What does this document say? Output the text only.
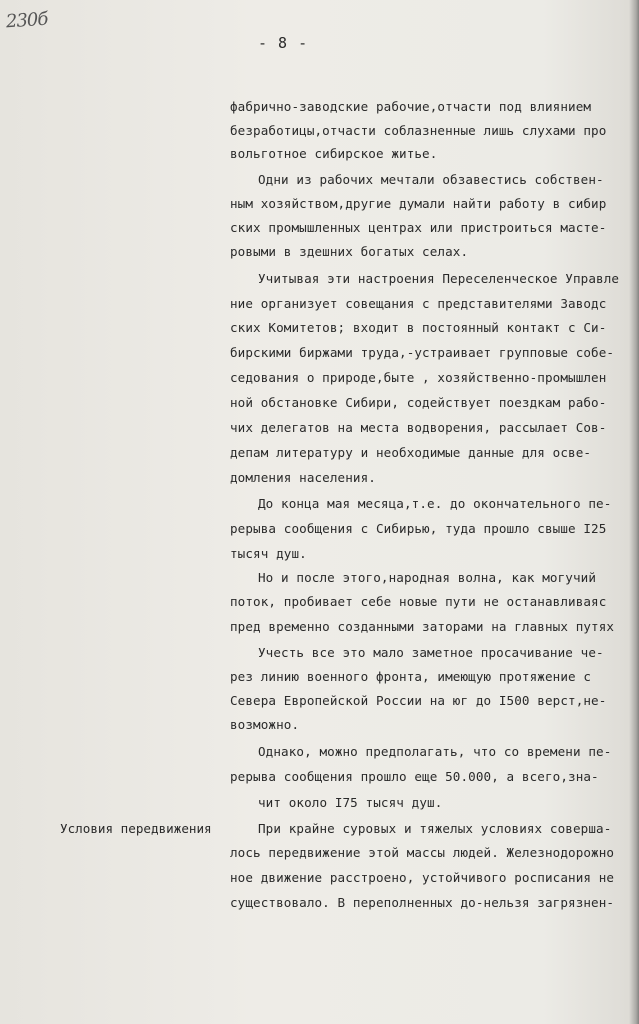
230б
- 8 -
Условия передвижения
фабрично-заводские рабочие,отчасти под влиянием
безработицы,отчасти соблазненные лишь слухами про
вольготное сибирское житье.
Одни из рабочих мечтали обзавестись собствен-
ным хозяйством,другие думали найти работу в сибир
ских промышленных центрах или пристроиться масте-
ровыми в здешних богатых селах.
Учитывая эти настроения Переселенческое Управле
ние организует совещания с представителями Заводс
ских Комитетов; входит в постоянный контакт с Си-
бирскими биржами труда,-устраивает групповые собе-
седования о природе,быте , хозяйственно-промышлен
ной обстановке Сибири, содействует поездкам рабо-
чих делегатов на места водворения, рассылает Сов-
депам литературу и необходимые данные для осве-
домления населения.
До конца мая месяца,т.е. до окончательного пе-
рерыва сообщения с Сибирью, туда прошло свыше I25
тысяч душ.
Но и после этого,народная волна, как могучий
поток, пробивает себе новые пути не останавливаяс
пред временно созданными заторами на главных путях
Учесть все это мало заметное просачивание че-
рез линию военного фронта, имеющую протяжение с
Севера Европейской России на юг до I500 верст,не-
возможно.
Однако, можно предполагать, что со времени пе-
рерыва сообщения прошло еще 50.000, а всего,зна-
чит около I75 тысяч душ.
При крайне суровых и тяжелых условиях соверша-
лось передвижение этой массы людей. Железнодорожно
ное движение расстроено, устойчивого росписания не
существовало. В переполненных до-нельзя загрязнен-
